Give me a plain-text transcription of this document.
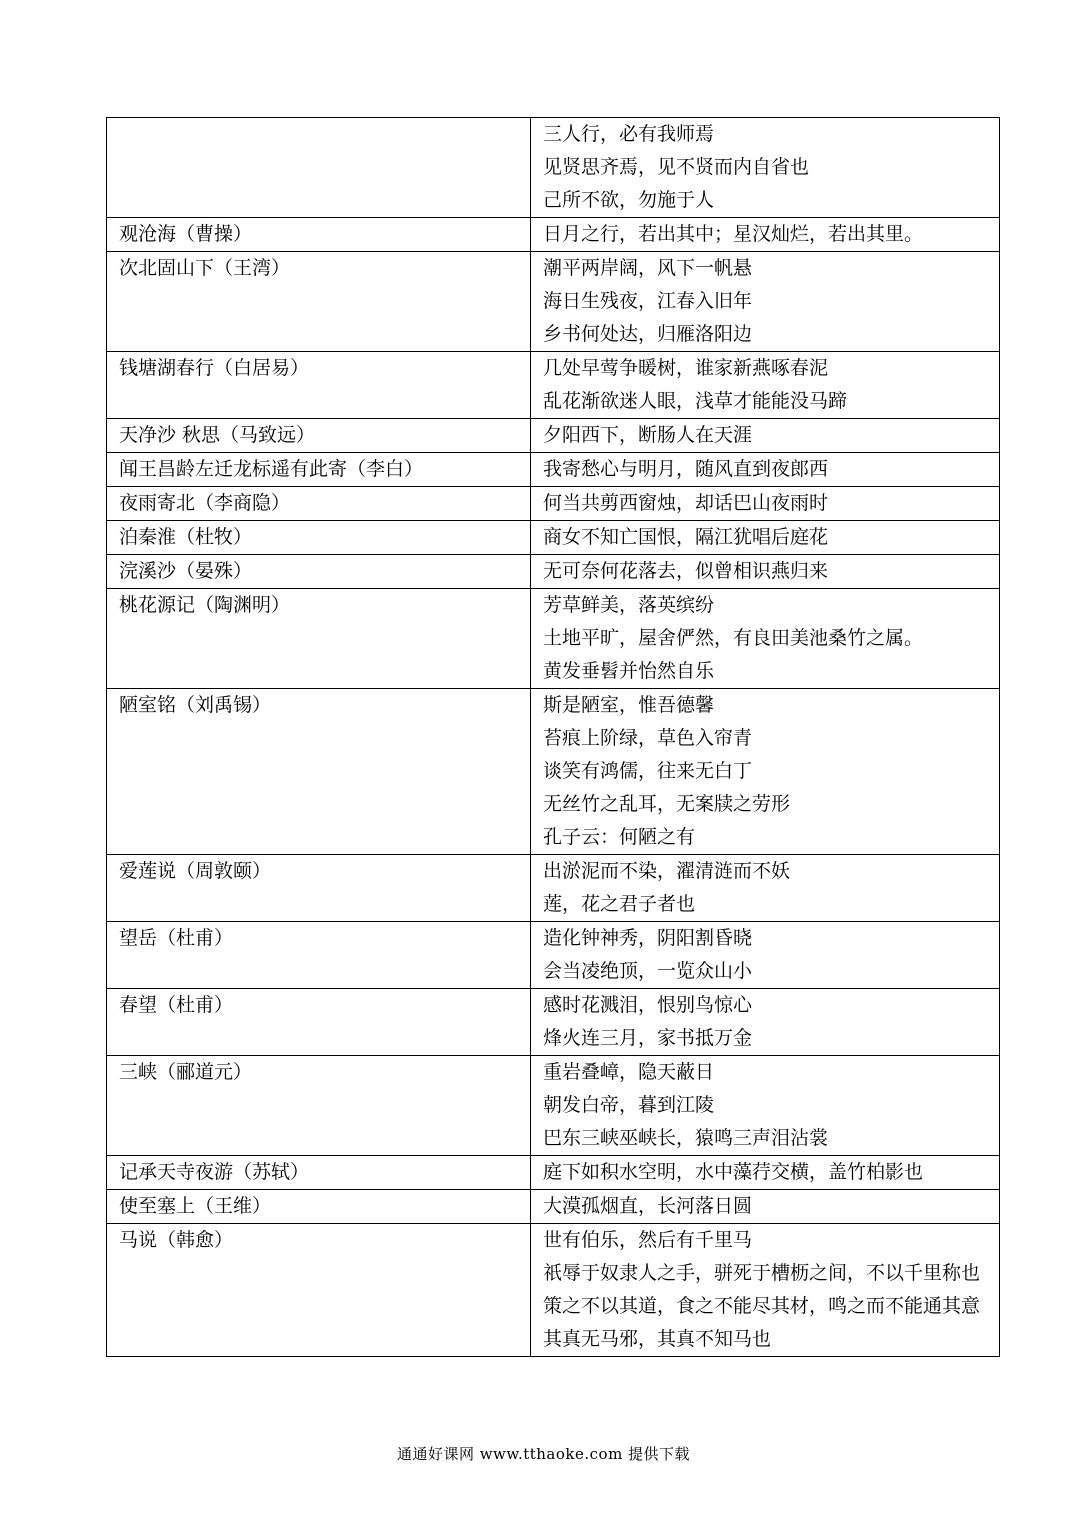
	三人行，必有我师焉
见贤思齐焉，见不贤而内自省也
己所不欲，勿施于人

观沧海（曹操）	日月之行，若出其中；星汉灿烂，若出其里。

次北固山下（王湾）	潮平两岸阔，风下一帆悬
海日生残夜，江春入旧年
乡书何处达，归雁洛阳边

钱塘湖春行（白居易）	几处早莺争暖树，谁家新燕啄春泥
乱花渐欲迷人眼，浅草才能能没马蹄

天净沙 秋思（马致远）	夕阳西下，断肠人在天涯

闻王昌龄左迁龙标遥有此寄（李白）	我寄愁心与明月，随风直到夜郎西

夜雨寄北（李商隐）	何当共剪西窗烛，却话巴山夜雨时

泊秦淮（杜牧）	商女不知亡国恨，隔江犹唱后庭花

浣溪沙（晏殊）	无可奈何花落去，似曾相识燕归来

桃花源记（陶渊明）	芳草鲜美，落英缤纷
土地平旷，屋舍俨然，有良田美池桑竹之属。
黄发垂髫并怡然自乐

陋室铭（刘禹锡）	斯是陋室，惟吾德馨
苔痕上阶绿，草色入帘青
谈笑有鸿儒，往来无白丁
无丝竹之乱耳，无案牍之劳形
孔子云：何陋之有

爱莲说（周敦颐）	出淤泥而不染，濯清涟而不妖
莲，花之君子者也

望岳（杜甫）	造化钟神秀，阴阳割昏晓
会当凌绝顶，一览众山小

春望（杜甫）	感时花溅泪，恨别鸟惊心
烽火连三月，家书抵万金

三峡（郦道元）	重岩叠嶂，隐天蔽日
朝发白帝，暮到江陵
巴东三峡巫峡长，猿鸣三声泪沾裳

记承天寺夜游（苏轼）	庭下如积水空明，水中藻荇交横，盖竹柏影也

使至塞上（王维）	大漠孤烟直，长河落日圆

马说（韩愈）	世有伯乐，然后有千里马
祇辱于奴隶人之手，骈死于槽枥之间，不以千里称也
策之不以其道，食之不能尽其材，鸣之而不能通其意
其真无马邪，其真不知马也
通通好课网 www.tthaoke.com 提供下载
